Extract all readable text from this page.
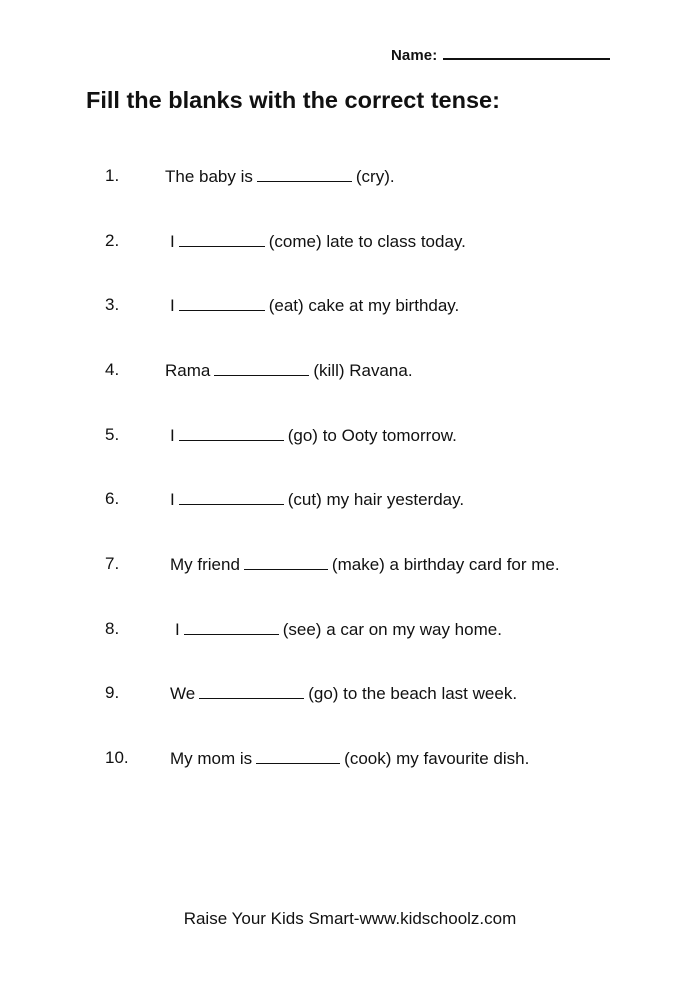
Name:
Fill the blanks with the correct tense:
1.	The baby is	(cry).
2.	I	(come) late to class today.
3.	I	(eat) cake at my birthday.
4.	Rama	(kill) Ravana.
5.	I	(go) to Ooty tomorrow.
6.	I	(cut) my hair yesterday.
7.	My friend	(make) a birthday card for me.
8.	I	(see) a car on my way home.
9.	We	(go) to the beach last week.
10. My mom is	(cook) my favourite dish.
Raise Your Kids Smart-www.kidschoolz.com
